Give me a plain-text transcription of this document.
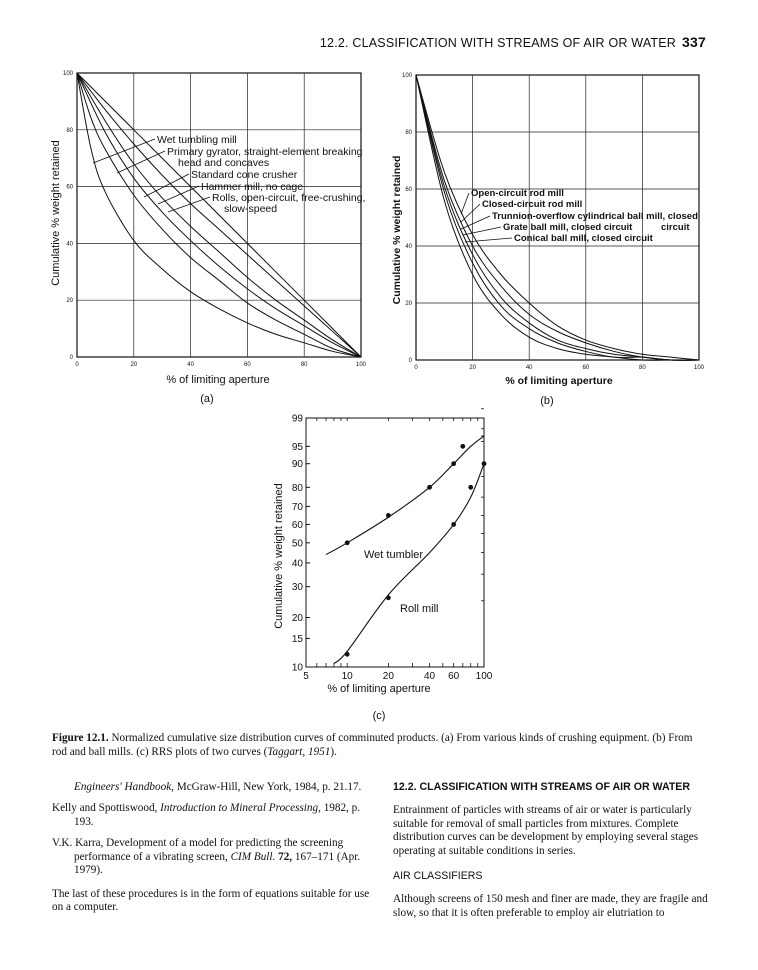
12.2. CLASSIFICATION WITH STREAMS OF AIR OR WATER 337
0	20	40	60	80	100
0
20
40
60
80
100
Cumulative % weight retained
% of limiting aperture
(a)
Wet tumbling mill
Primary gyrator, straight-element breaking
head and concaves
Standard cone crusher
Hammer mill, no cage
Rolls, open-circuit, free-crushing,
slow-speed
0	20	40	60	80	100
0
20
40
60
80
100
Cumulative % weight retained
% of limiting aperture
(b)
Open-circuit rod mill
Closed-circuit rod mill
Trunnion-overflow cylindrical ball mill, closed
Grate ball mill, closed circuit	circuit
Conical ball mill, closed circuit
10
15
20
30
40
50
60
70
80
90
95
99
5	10	20	40 60 100
Cumulative % weight retained
% of limiting aperture
(c)
Wet tumbler
Roll mill
Figure 12.1. Normalized cumulative size distribution curves of comminuted products. (a) From various kinds of crushing equipment. (b) From rod and ball mills. (c) RRS plots of two curves (Taggart, 1951).

Engineers' Handbook, McGraw-Hill, New York, 1984, p. 21.17.

Kelly and Spottiswood, Introduction to Mineral Processing, 1982, p. 193.

V.K. Karra, Development of a model for predicting the screening performance of a vibrating screen, CIM Bull. 72, 167–171 (Apr. 1979).

The last of these procedures is in the form of equations suitable for use on a computer.
12.2. CLASSIFICATION WITH STREAMS OF AIR OR WATER

Entrainment of particles with streams of air or water is particularly suitable for removal of small particles from mixtures. Complete distribution curves can be development by employing several stages operating at suitable conditions in series.

AIR CLASSIFIERS

Although screens of 150 mesh and finer are made, they are fragile and slow, so that it is often preferable to employ air elutriation to
